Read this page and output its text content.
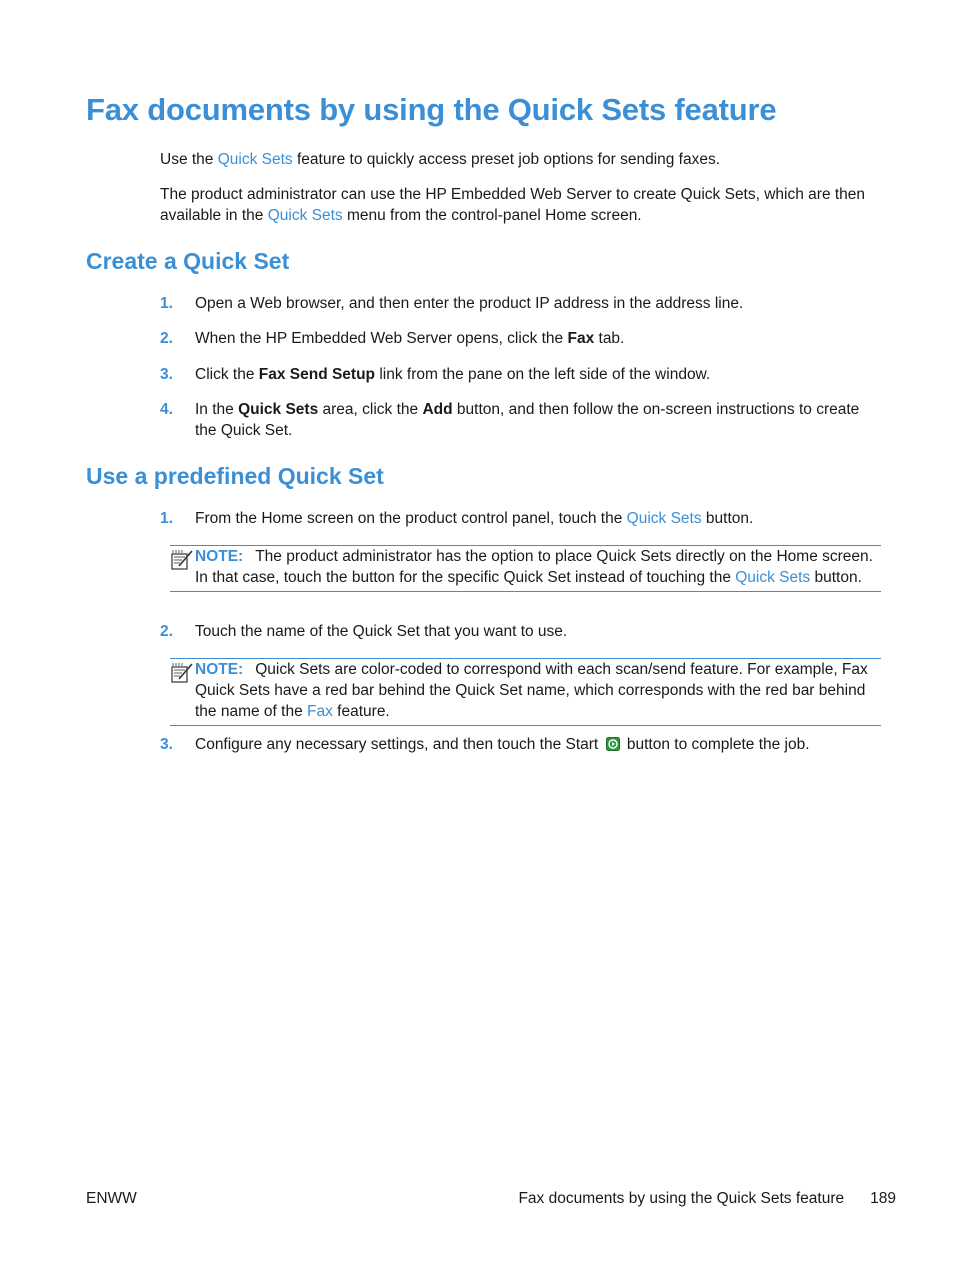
Fax documents by using the Quick Sets feature

Use the Quick Sets feature to quickly access preset job options for sending faxes.

The product administrator can use the HP Embedded Web Server to create Quick Sets, which are then available in the Quick Sets menu from the control-panel Home screen.

Create a Quick Set
1.	Open a Web browser, and then enter the product IP address in the address line.
2.	When the HP Embedded Web Server opens, click the Fax tab.
3.	Click the Fax Send Setup link from the pane on the left side of the window.
4.	In the Quick Sets area, click the Add button, and then follow the on-screen instructions to create the Quick Set.
Use a predefined Quick Set
1.	From the Home screen on the product control panel, touch the Quick Sets button.
NOTE: The product administrator has the option to place Quick Sets directly on the Home screen. In that case, touch the button for the specific Quick Set instead of touching the Quick Sets button.
2.	Touch the name of the Quick Set that you want to use.
NOTE: Quick Sets are color-coded to correspond with each scan/send feature. For example, Fax Quick Sets have a red bar behind the Quick Set name, which corresponds with the red bar behind the name of the Fax feature.
3.	Configure any necessary settings, and then touch the Start button to complete the job.
ENWW	Fax documents by using the Quick Sets feature 189
